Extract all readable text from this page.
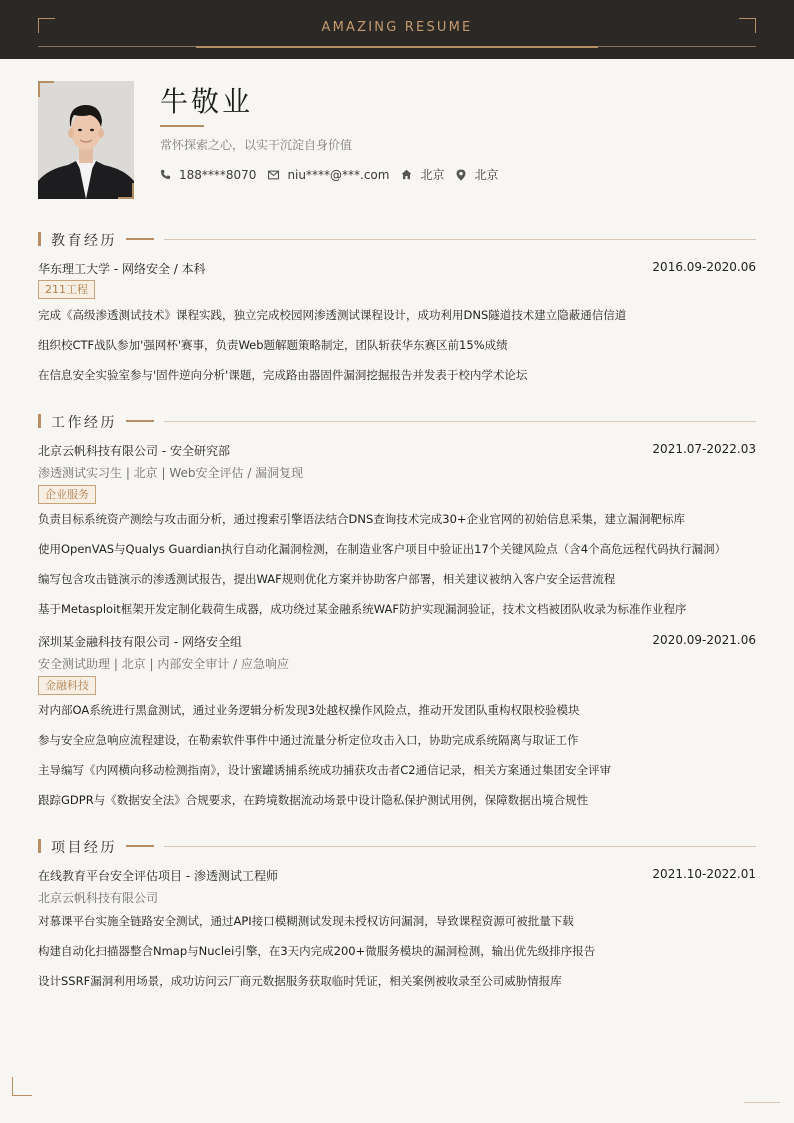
AMAZING RESUME
牛敬业
常怀探索之心，以实干沉淀自身价值
188****8070	niu****@***.com	北京	北京
教育经历
华东理工大学 - 网络安全 / 本科	2016.09-2020.06
211工程
完成《高级渗透测试技术》课程实践，独立完成校园网渗透测试课程设计，成功利用DNS隧道技术建立隐蔽通信信道
组织校CTF战队参加'强网杯'赛事，负责Web题解题策略制定，团队斩获华东赛区前15%成绩
在信息安全实验室参与'固件逆向分析'课题，完成路由器固件漏洞挖掘报告并发表于校内学术论坛
工作经历
北京云帆科技有限公司 - 安全研究部	2021.07-2022.03
渗透测试实习生 | 北京 | Web安全评估 / 漏洞复现
企业服务
负责目标系统资产测绘与攻击面分析，通过搜索引擎语法结合DNS查询技术完成30+企业官网的初始信息采集，建立漏洞靶标库
使用OpenVAS与Qualys Guardian执行自动化漏洞检测，在制造业客户项目中验证出17个关键风险点（含4个高危远程代码执行漏洞）
编写包含攻击链演示的渗透测试报告，提出WAF规则优化方案并协助客户部署，相关建议被纳入客户安全运营流程
基于Metasploit框架开发定制化载荷生成器，成功绕过某金融系统WAF防护实现漏洞验证，技术文档被团队收录为标准作业程序
深圳某金融科技有限公司 - 网络安全组	2020.09-2021.06
安全测试助理 | 北京 | 内部安全审计 / 应急响应
金融科技
对内部OA系统进行黑盒测试，通过业务逻辑分析发现3处越权操作风险点，推动开发团队重构权限校验模块
参与安全应急响应流程建设，在勒索软件事件中通过流量分析定位攻击入口，协助完成系统隔离与取证工作
主导编写《内网横向移动检测指南》，设计蜜罐诱捕系统成功捕获攻击者C2通信记录，相关方案通过集团安全评审
跟踪GDPR与《数据安全法》合规要求，在跨境数据流动场景中设计隐私保护测试用例，保障数据出境合规性
项目经历
在线教育平台安全评估项目 - 渗透测试工程师	2021.10-2022.01
北京云帆科技有限公司
对慕课平台实施全链路安全测试，通过API接口模糊测试发现未授权访问漏洞，导致课程资源可被批量下载
构建自动化扫描器整合Nmap与Nuclei引擎，在3天内完成200+微服务模块的漏洞检测，输出优先级排序报告
设计SSRF漏洞利用场景，成功访问云厂商元数据服务获取临时凭证，相关案例被收录至公司威胁情报库
